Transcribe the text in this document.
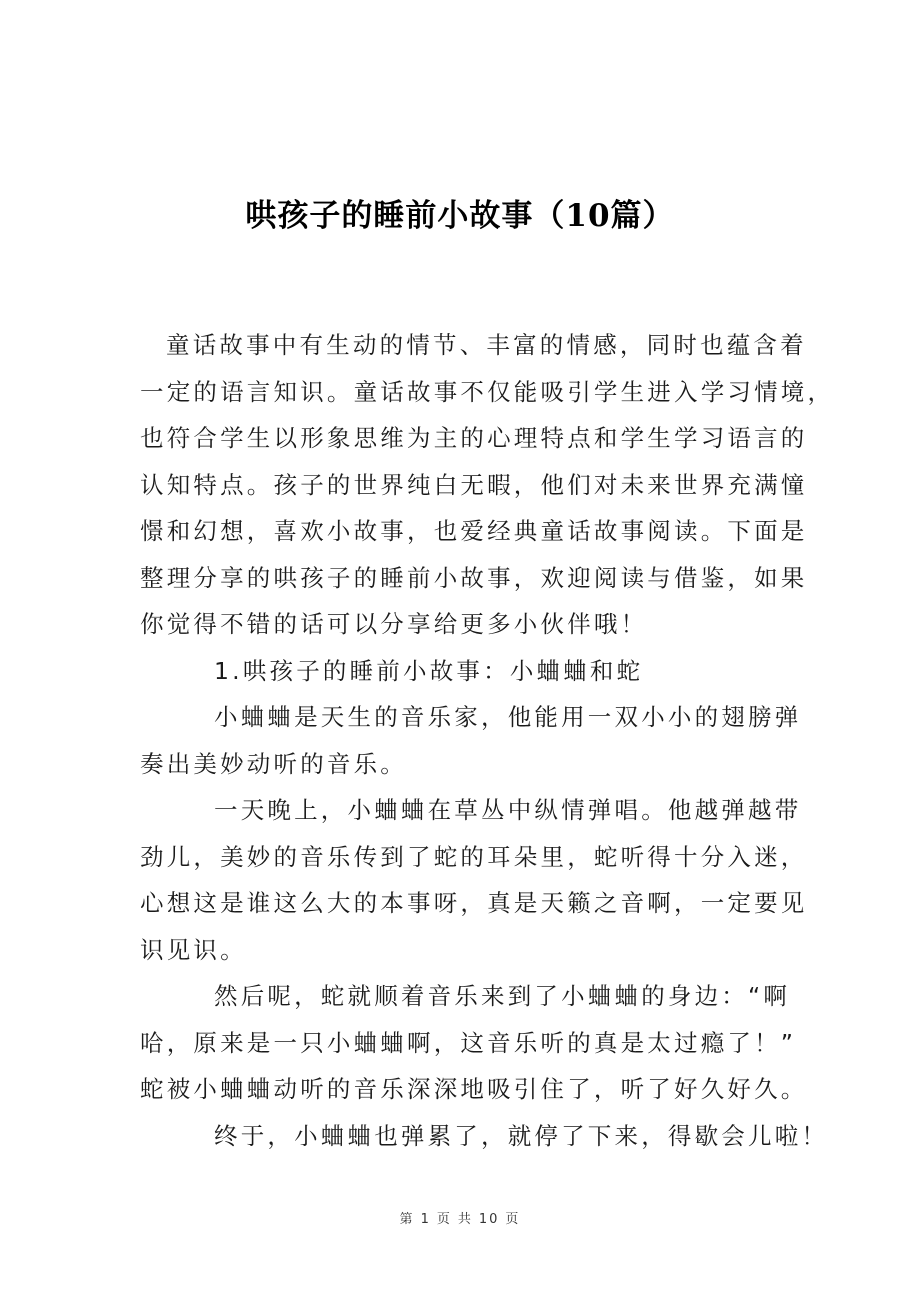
哄孩子的睡前小故事（10篇）
童话故事中有生动的情节、丰富的情感，同时也蕴含着
一定的语言知识。童话故事不仅能吸引学生进入学习情境，
也符合学生以形象思维为主的心理特点和学生学习语言的
认知特点。孩子的世界纯白无暇，他们对未来世界充满憧
憬和幻想，喜欢小故事，也爱经典童话故事阅读。下面是
整理分享的哄孩子的睡前小故事，欢迎阅读与借鉴，如果
你觉得不错的话可以分享给更多小伙伴哦！
1.哄孩子的睡前小故事：小蛐蛐和蛇
小蛐蛐是天生的音乐家，他能用一双小小的翅膀弹
奏出美妙动听的音乐。
一天晚上，小蛐蛐在草丛中纵情弹唱。他越弹越带
劲儿，美妙的音乐传到了蛇的耳朵里，蛇听得十分入迷，
心想这是谁这么大的本事呀，真是天籁之音啊，一定要见
识见识。
然后呢，蛇就顺着音乐来到了小蛐蛐的身边：“啊
哈，原来是一只小蛐蛐啊，这音乐听的真是太过瘾了！”
蛇被小蛐蛐动听的音乐深深地吸引住了，听了好久好久。
终于，小蛐蛐也弹累了，就停了下来，得歇会儿啦！
第 1 页 共 10 页
